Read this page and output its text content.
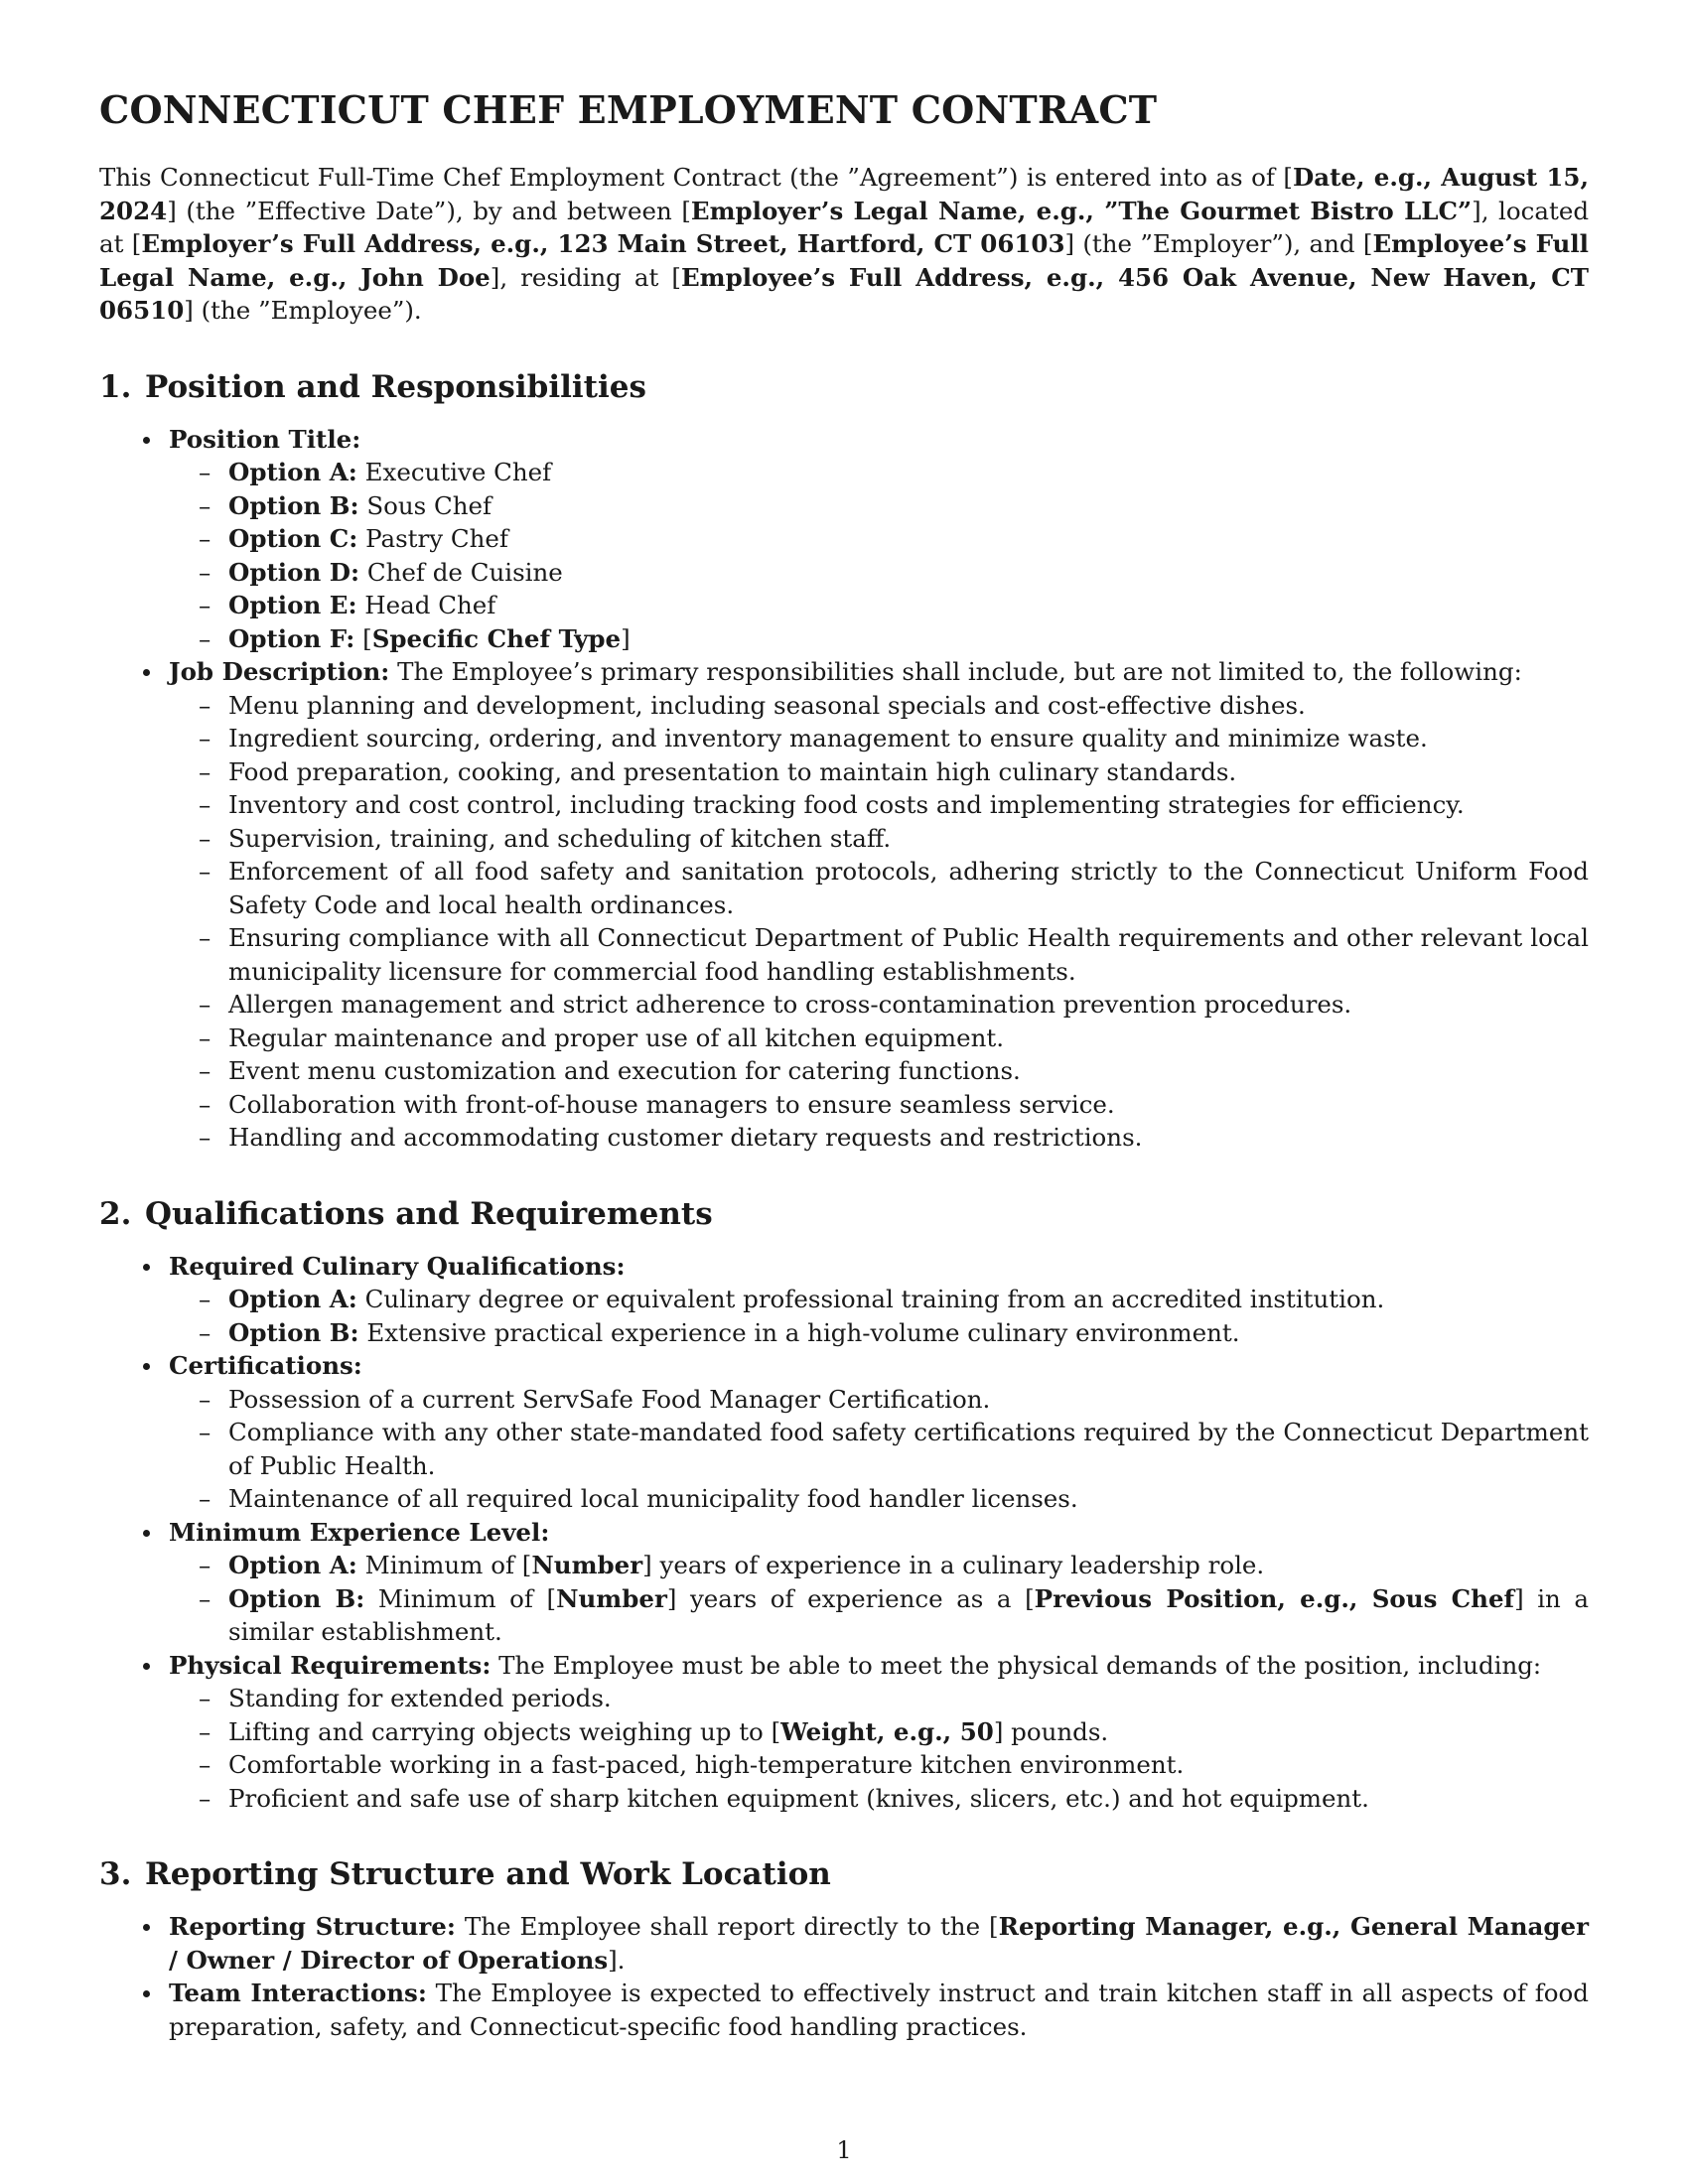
CONNECTICUT CHEF EMPLOYMENT CONTRACT

This Connecticut Full-Time Chef Employment Contract (the ”Agreement”) is entered into as of [Date, e.g., August 15, 2024] (the ”Effective Date”), by and between [Employer’s Legal Name, e.g., ”The Gourmet Bistro LLC”], located at [Employer’s Full Address, e.g., 123 Main Street, Hartford, CT 06103] (the ”Employer”), and [Employee’s Full Legal Name, e.g., John Doe], residing at [Employee’s Full Address, e.g., 456 Oak Avenue, New Haven, CT 06510] (the ”Employee”).

1. Position and Responsibilities
Position Title:
– Option A: Executive Chef
– Option B: Sous Chef
– Option C: Pastry Chef
– Option D: Chef de Cuisine
– Option E: Head Chef
– Option F: [Specific Chef Type]
Job Description: The Employee’s primary responsibilities shall include, but are not limited to, the following:
– Menu planning and development, including seasonal specials and cost-effective dishes.
– Ingredient sourcing, ordering, and inventory management to ensure quality and minimize waste.
– Food preparation, cooking, and presentation to maintain high culinary standards.
– Inventory and cost control, including tracking food costs and implementing strategies for efficiency.
– Supervision, training, and scheduling of kitchen staff.
– Enforcement of all food safety and sanitation protocols, adhering strictly to the Connecticut Uniform Food Safety Code and local health ordinances.
– Ensuring compliance with all Connecticut Department of Public Health requirements and other relevant local municipality licensure for commercial food handling establishments.
– Allergen management and strict adherence to cross-contamination prevention procedures.
– Regular maintenance and proper use of all kitchen equipment.
– Event menu customization and execution for catering functions.
– Collaboration with front-of-house managers to ensure seamless service.
– Handling and accommodating customer dietary requests and restrictions.
2. Qualifications and Requirements
Required Culinary Qualifications:
– Option A: Culinary degree or equivalent professional training from an accredited institution.
– Option B: Extensive practical experience in a high-volume culinary environment.
Certifications:
– Possession of a current ServSafe Food Manager Certification.
– Compliance with any other state-mandated food safety certifications required by the Connecticut Department of Public Health.
– Maintenance of all required local municipality food handler licenses.
Minimum Experience Level:
– Option A: Minimum of [Number] years of experience in a culinary leadership role.
– Option B: Minimum of [Number] years of experience as a [Previous Position, e.g., Sous Chef] in a similar establishment.
Physical Requirements: The Employee must be able to meet the physical demands of the position, including:
– Standing for extended periods.
– Lifting and carrying objects weighing up to [Weight, e.g., 50] pounds.
– Comfortable working in a fast-paced, high-temperature kitchen environment.
– Proficient and safe use of sharp kitchen equipment (knives, slicers, etc.) and hot equipment.
3. Reporting Structure and Work Location
Reporting Structure: The Employee shall report directly to the [Reporting Manager, e.g., General Manager / Owner / Director of Operations].
Team Interactions: The Employee is expected to effectively instruct and train kitchen staff in all aspects of food preparation, safety, and Connecticut-specific food handling practices.
1
